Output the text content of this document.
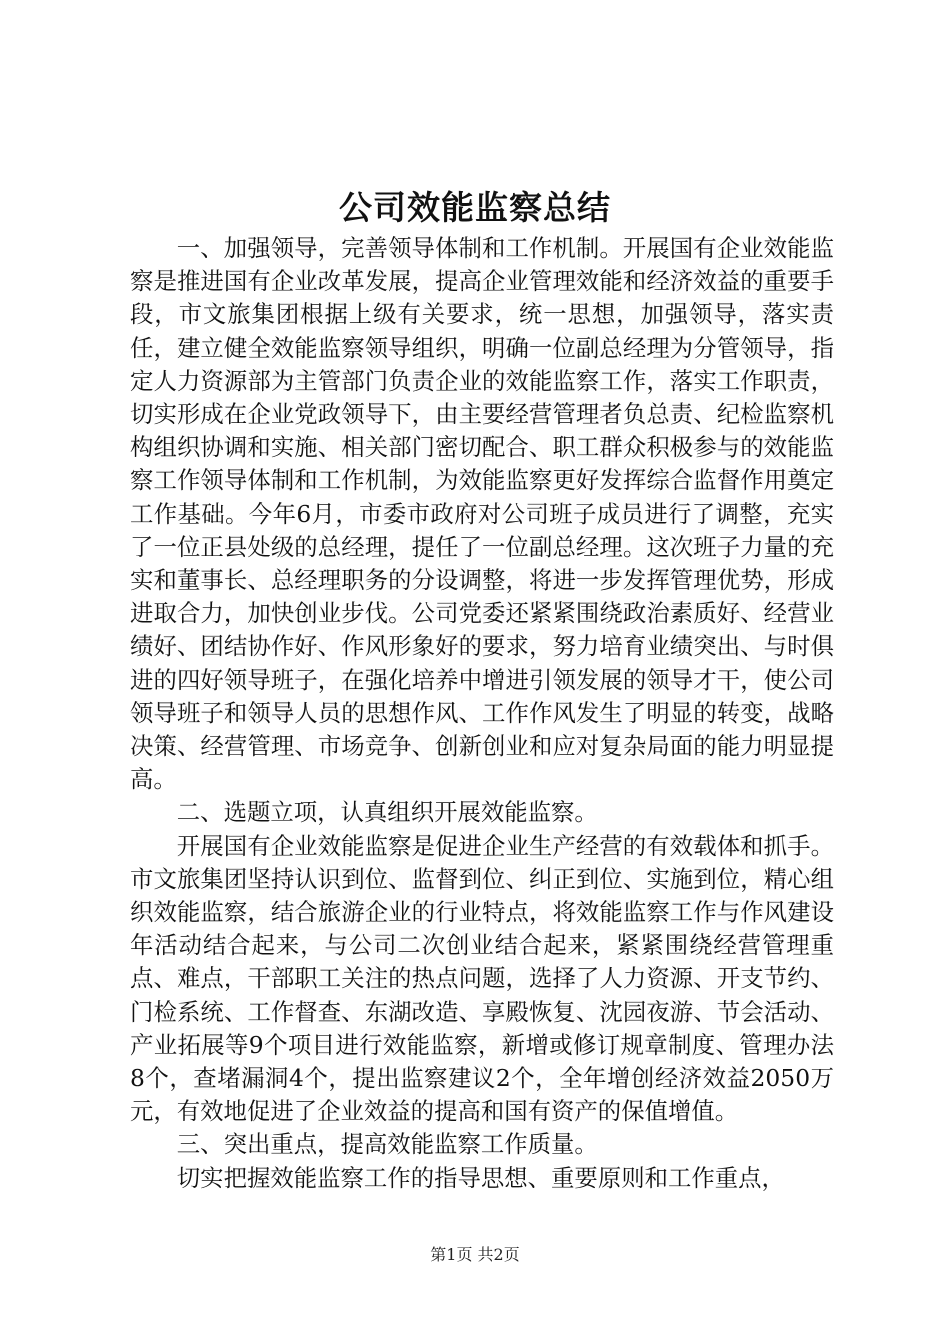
公司效能监察总结

一、加强领导，完善领导体制和工作机制。开展国有企业效能监察是推进国有企业改革发展，提高企业管理效能和经济效益的重要手段，市文旅集团根据上级有关要求，统一思想，加强领导，落实责任，建立健全效能监察领导组织，明确一位副总经理为分管领导，指定人力资源部为主管部门负责企业的效能监察工作，落实工作职责，切实形成在企业党政领导下，由主要经营管理者负总责、纪检监察机构组织协调和实施、相关部门密切配合、职工群众积极参与的效能监察工作领导体制和工作机制，为效能监察更好发挥综合监督作用奠定工作基础。今年6月，市委市政府对公司班子成员进行了调整，充实了一位正县处级的总经理，提任了一位副总经理。这次班子力量的充实和董事长、总经理职务的分设调整，将进一步发挥管理优势，形成进取合力，加快创业步伐。公司党委还紧紧围绕政治素质好、经营业绩好、团结协作好、作风形象好的要求，努力培育业绩突出、与时俱进的四好领导班子，在强化培养中增进引领发展的领导才干，使公司领导班子和领导人员的思想作风、工作作风发生了明显的转变，战略决策、经营管理、市场竞争、创新创业和应对复杂局面的能力明显提高。

二、选题立项，认真组织开展效能监察。

开展国有企业效能监察是促进企业生产经营的有效载体和抓手。市文旅集团坚持认识到位、监督到位、纠正到位、实施到位，精心组织效能监察，结合旅游企业的行业特点，将效能监察工作与作风建设年活动结合起来，与公司二次创业结合起来，紧紧围绕经营管理重点、难点，干部职工关注的热点问题，选择了人力资源、开支节约、门检系统、工作督查、东湖改造、享殿恢复、沈园夜游、节会活动、产业拓展等9个项目进行效能监察，新增或修订规章制度、管理办法8个，查堵漏洞4个，提出监察建议2个，全年增创经济效益2050万元，有效地促进了企业效益的提高和国有资产的保值增值。

三、突出重点，提高效能监察工作质量。

切实把握效能监察工作的指导思想、重要原则和工作重点，

第1页 共2页
